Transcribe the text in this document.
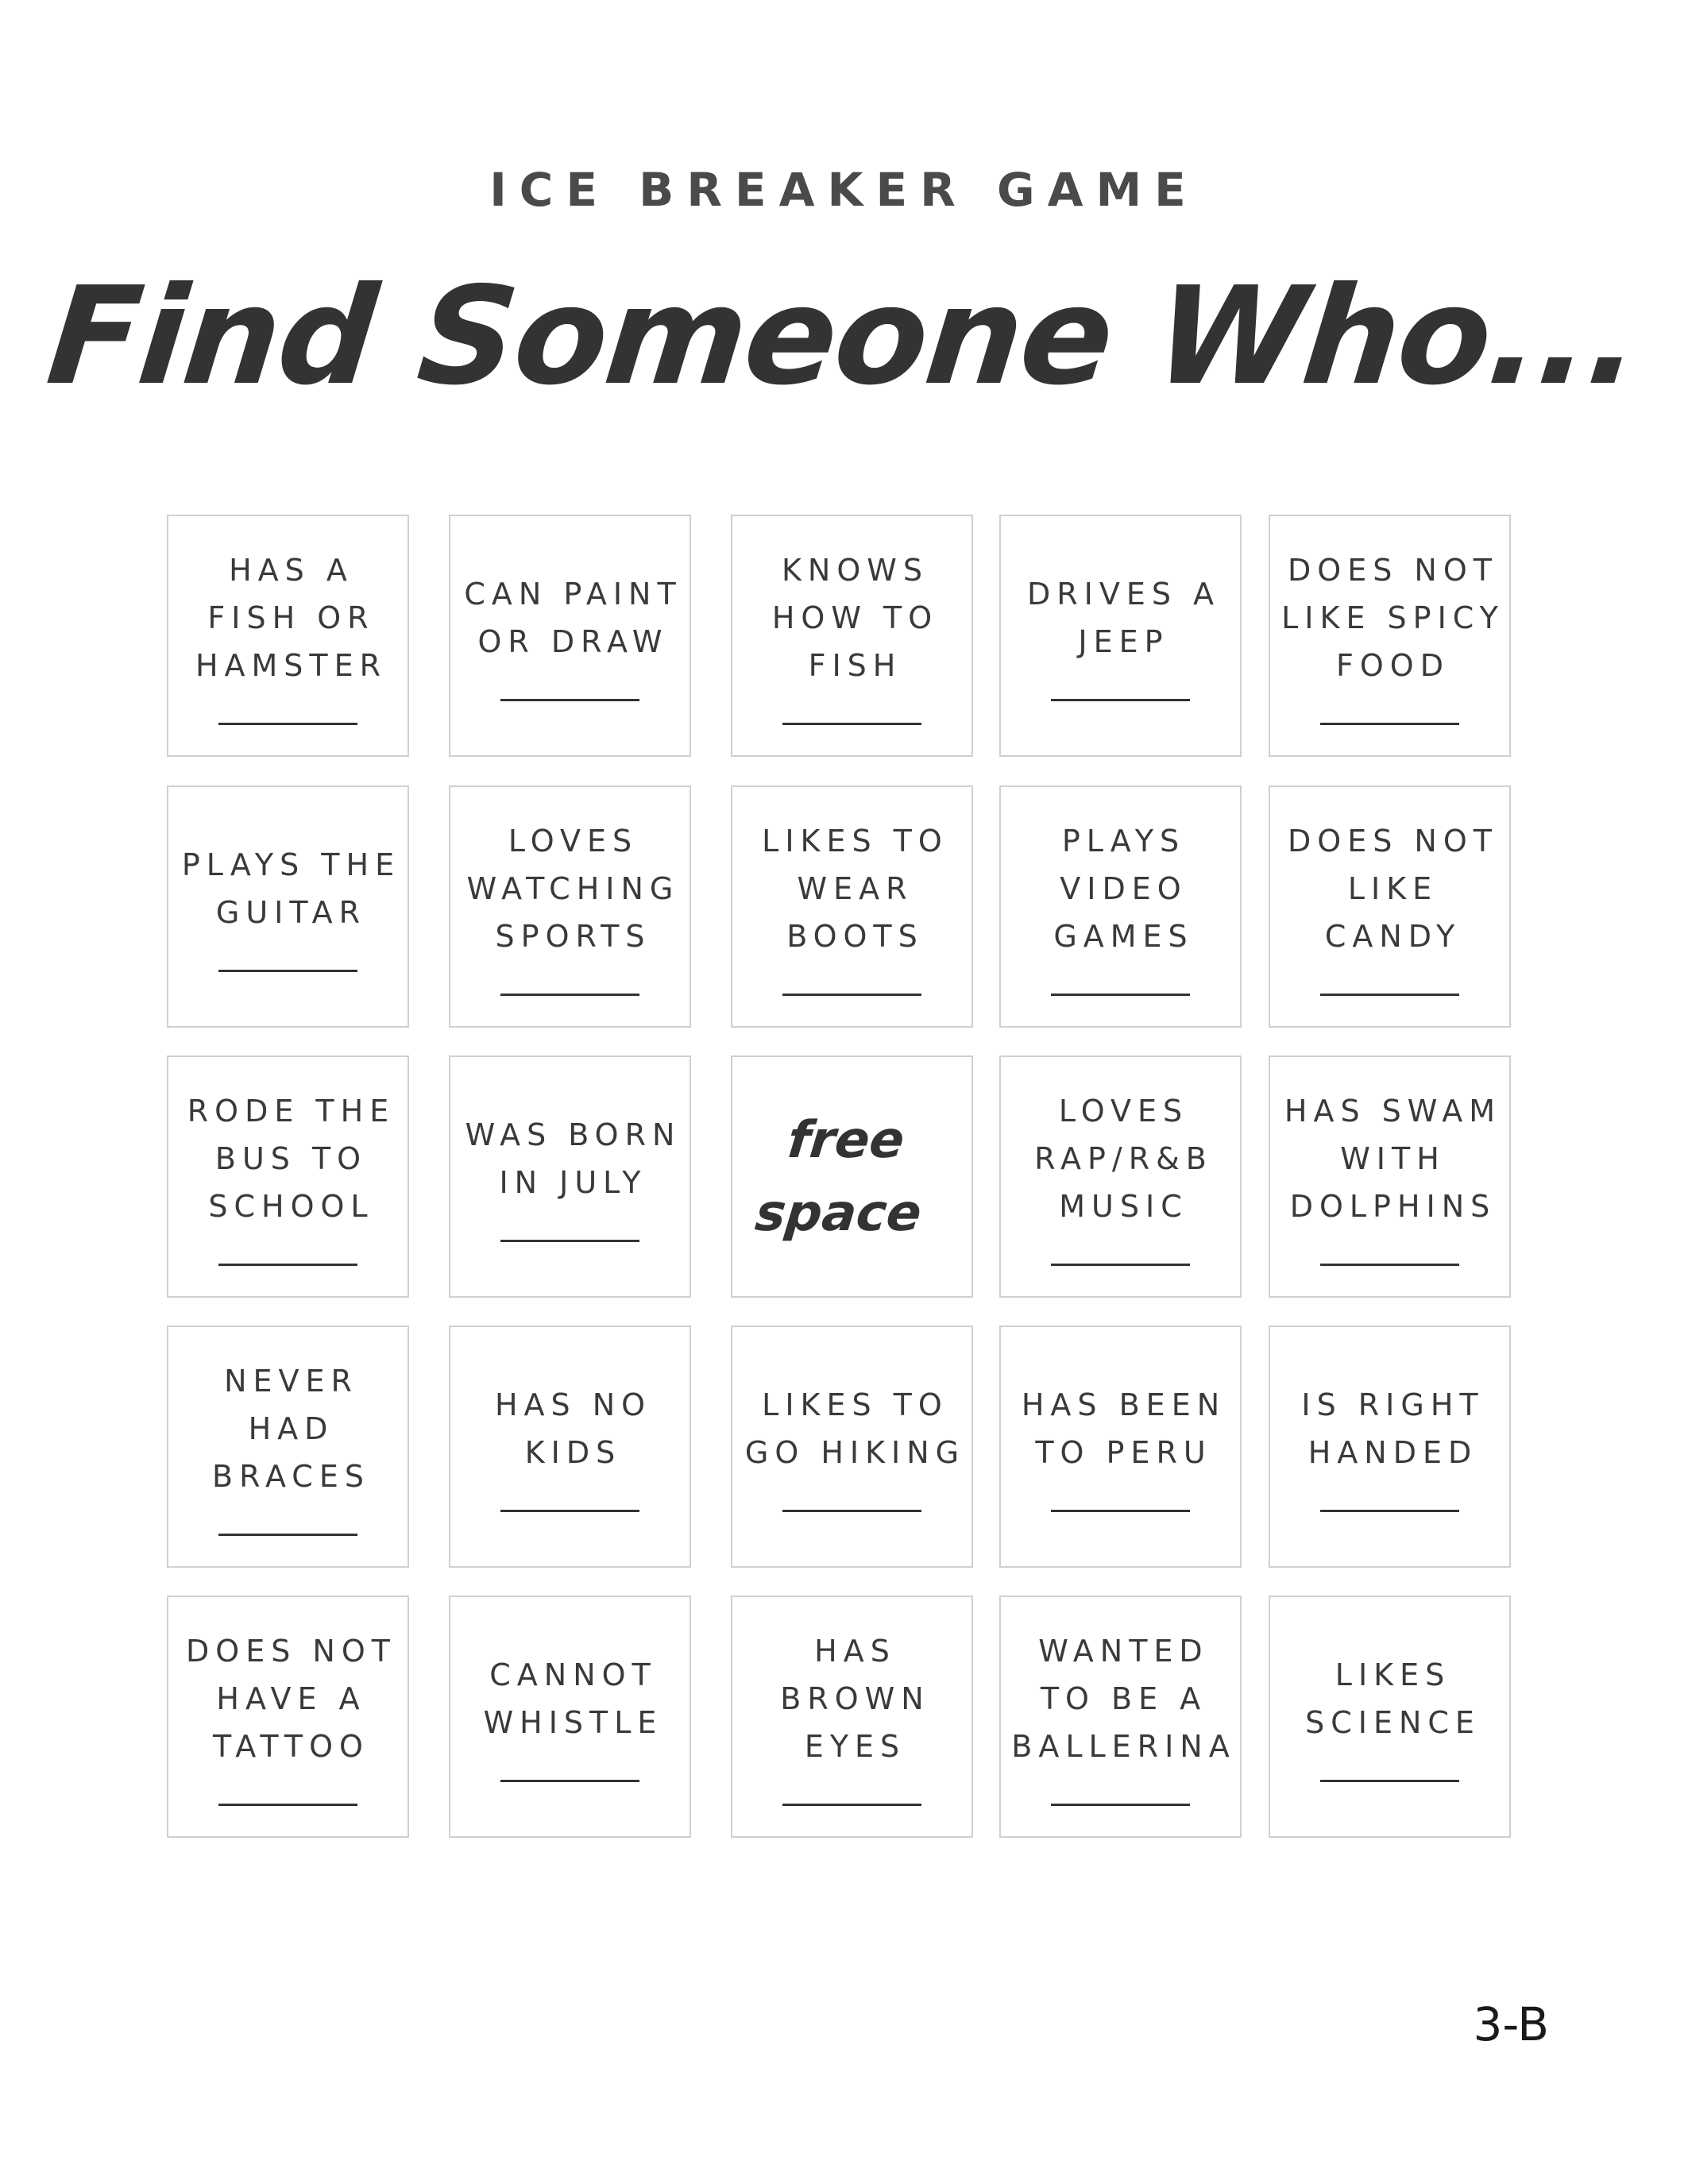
ICE BREAKER GAME
Find Someone Who...
HAS A
FISH OR
HAMSTER
CAN PAINT
OR DRAW
KNOWS
HOW TO
FISH
DRIVES A
JEEP
DOES NOT
LIKE SPICY
FOOD
PLAYS THE
GUITAR
LOVES
WATCHING
SPORTS
LIKES TO
WEAR
BOOTS
PLAYS
VIDEO
GAMES
DOES NOT
LIKE
CANDY
RODE THE
BUS TO
SCHOOL
WAS BORN
IN JULY
free
space
LOVES
RAP/R&B
MUSIC
HAS SWAM
WITH
DOLPHINS
NEVER
HAD
BRACES
HAS NO
KIDS
LIKES TO
GO HIKING
HAS BEEN
TO PERU
IS RIGHT
HANDED
DOES NOT
HAVE A
TATTOO
CANNOT
WHISTLE
HAS
BROWN
EYES
WANTED
TO BE A
BALLERINA
LIKES
SCIENCE
3-B
